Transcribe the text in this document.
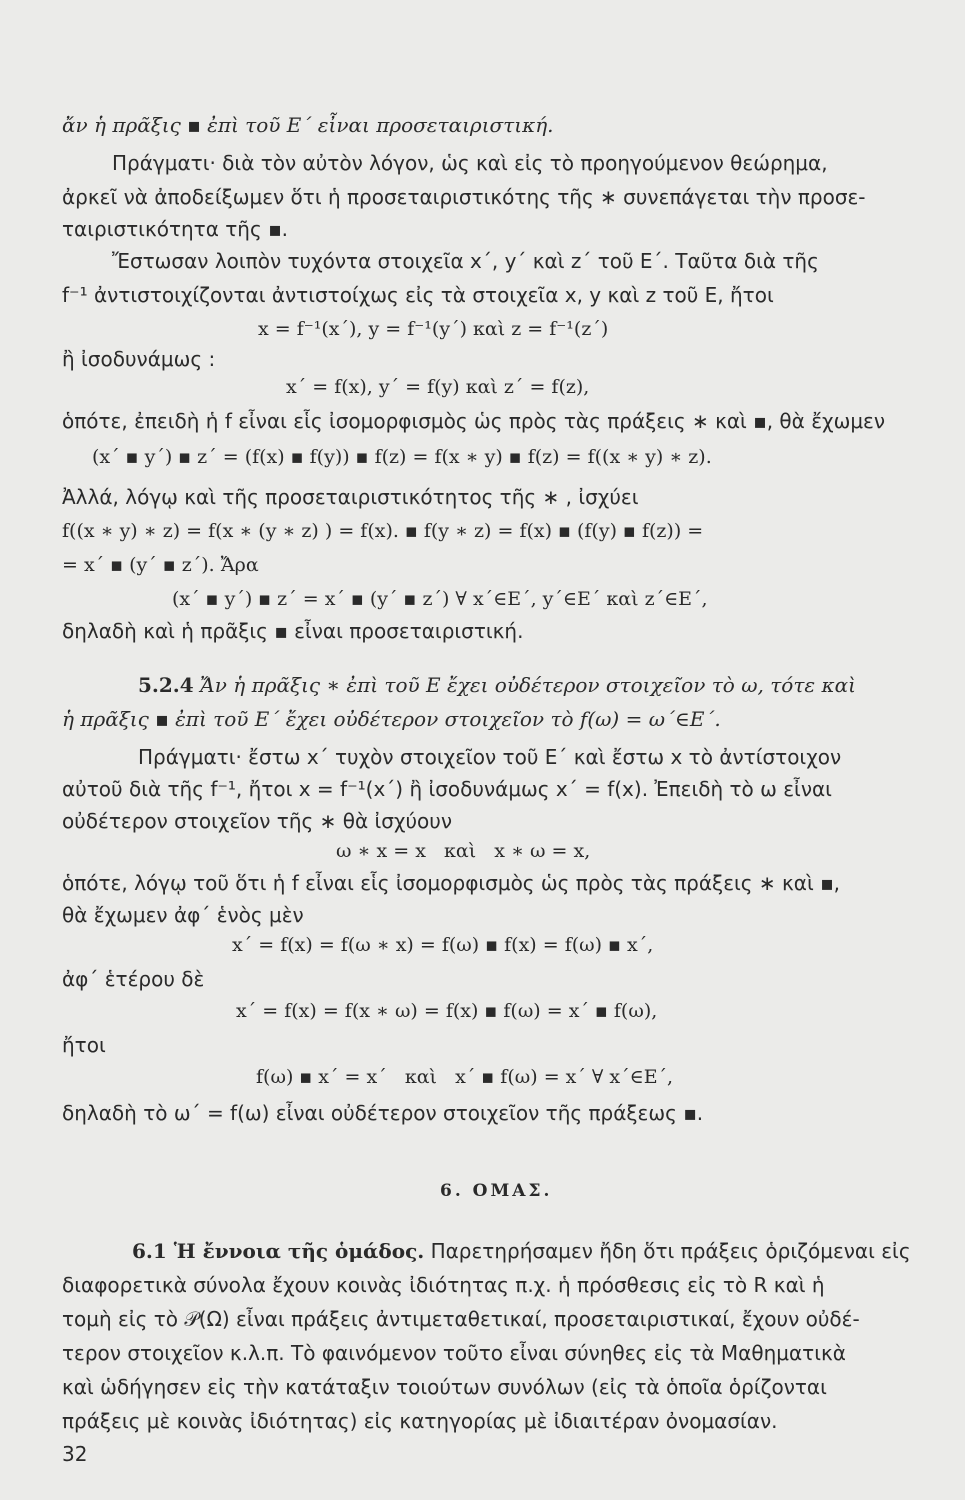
ἄν ἡ πρᾶξις ▪ ἐπὶ τοῦ Ε΄ εἶναι προσεταιριστική.
Πράγματι· διὰ τὸν αὐτὸν λόγον, ὡς καὶ εἰς τὸ προηγούμενον θεώρημα,
ἀρκεῖ νὰ ἀποδείξωμεν ὅτι ἡ προσεταιριστικότης τῆς ∗ συνεπάγεται τὴν προσε-
ταιριστικότητα τῆς ▪.
Ἔστωσαν λοιπὸν τυχόντα στοιχεῖα x΄, y΄ καὶ z΄ τοῦ Ε΄. Ταῦτα διὰ τῆς
f⁻¹ ἀντιστοιχίζονται ἀντιστοίχως εἰς τὰ στοιχεῖα x, y καὶ z τοῦ Ε, ἤτοι
x = f⁻¹(x΄), y = f⁻¹(y΄) καὶ z = f⁻¹(z΄)
ἢ ἰσοδυνάμως :
x΄ = f(x), y΄ = f(y) καὶ z΄ = f(z),
ὁπότε, ἐπειδὴ ἡ f εἶναι εἷς ἰσομορφισμὸς ὡς πρὸς τὰς πράξεις ∗ καὶ ▪, θὰ ἔχωμεν
(x΄ ▪ y΄) ▪ z΄ = (f(x) ▪ f(y)) ▪ f(z) = f(x ∗ y) ▪ f(z) = f((x ∗ y) ∗ z).
Ἀλλά, λόγῳ καὶ τῆς προσεταιριστικότητος τῆς ∗ , ἰσχύει
f((x ∗ y) ∗ z) = f(x ∗ (y ∗ z) ) = f(x). ▪ f(y ∗ z) = f(x) ▪ (f(y) ▪ f(z)) =
= x΄ ▪ (y΄ ▪ z΄). Ἄρα
(x΄ ▪ y΄) ▪ z΄ = x΄ ▪ (y΄ ▪ z΄) ∀ x΄∈Ε΄, y΄∈Ε΄ καὶ z΄∈Ε΄,
δηλαδὴ καὶ ἡ πρᾶξις ▪ εἶναι προσεταιριστική.
5.2.4 Ἄν ἡ πρᾶξις ∗ ἐπὶ τοῦ Ε ἔχει οὐδέτερον στοιχεῖον τὸ ω, τότε καὶ
ἡ πρᾶξις ▪ ἐπὶ τοῦ Ε΄ ἔχει οὐδέτερον στοιχεῖον τὸ f(ω) = ω΄∈Ε΄.
Πράγματι· ἔστω x΄ τυχὸν στοιχεῖον τοῦ Ε΄ καὶ ἔστω x τὸ ἀντίστοιχον
αὐτοῦ διὰ τῆς f⁻¹, ἤτοι x = f⁻¹(x΄) ἢ ἰσοδυνάμως x΄ = f(x). Ἐπειδὴ τὸ ω εἶναι
οὐδέτερον στοιχεῖον τῆς ∗ θὰ ἰσχύουν
ω ∗ x = x   καὶ   x ∗ ω = x,
ὁπότε, λόγῳ τοῦ ὅτι ἡ f εἶναι εἷς ἰσομορφισμὸς ὡς πρὸς τὰς πράξεις ∗ καὶ ▪,
θὰ ἔχωμεν ἀφ΄ ἑνὸς μὲν
x΄ = f(x) = f(ω ∗ x) = f(ω) ▪ f(x) = f(ω) ▪ x΄,
ἀφ΄ ἑτέρου δὲ
x΄ = f(x) = f(x ∗ ω) = f(x) ▪ f(ω) = x΄ ▪ f(ω),
ἤτοι
f(ω) ▪ x΄ = x΄   καὶ   x΄ ▪ f(ω) = x΄ ∀ x΄∈Ε΄,
δηλαδὴ τὸ ω΄ = f(ω) εἶναι οὐδέτερον στοιχεῖον τῆς πράξεως ▪.
6. ΟΜΑΣ.
6.1 Ἡ ἔννοια τῆς ὁμάδος. Παρετηρήσαμεν ἤδη ὅτι πράξεις ὁριζόμεναι εἰς
διαφορετικὰ σύνολα ἔχουν κοινὰς ἰδιότητας π.χ. ἡ πρόσθεσις εἰς τὸ R καὶ ἡ
τομὴ εἰς τὸ 𝒫(Ω) εἶναι πράξεις ἀντιμεταθετικαί, προσεταιριστικαί, ἔχουν οὐδέ-
τερον στοιχεῖον κ.λ.π. Τὸ φαινόμενον τοῦτο εἶναι σύνηθες εἰς τὰ Μαθηματικὰ
καὶ ὡδήγησεν εἰς τὴν κατάταξιν τοιούτων συνόλων (εἰς τὰ ὁποῖα ὁρίζονται
πράξεις μὲ κοινὰς ἰδιότητας) εἰς κατηγορίας μὲ ἰδιαιτέραν ὀνομασίαν.
32
